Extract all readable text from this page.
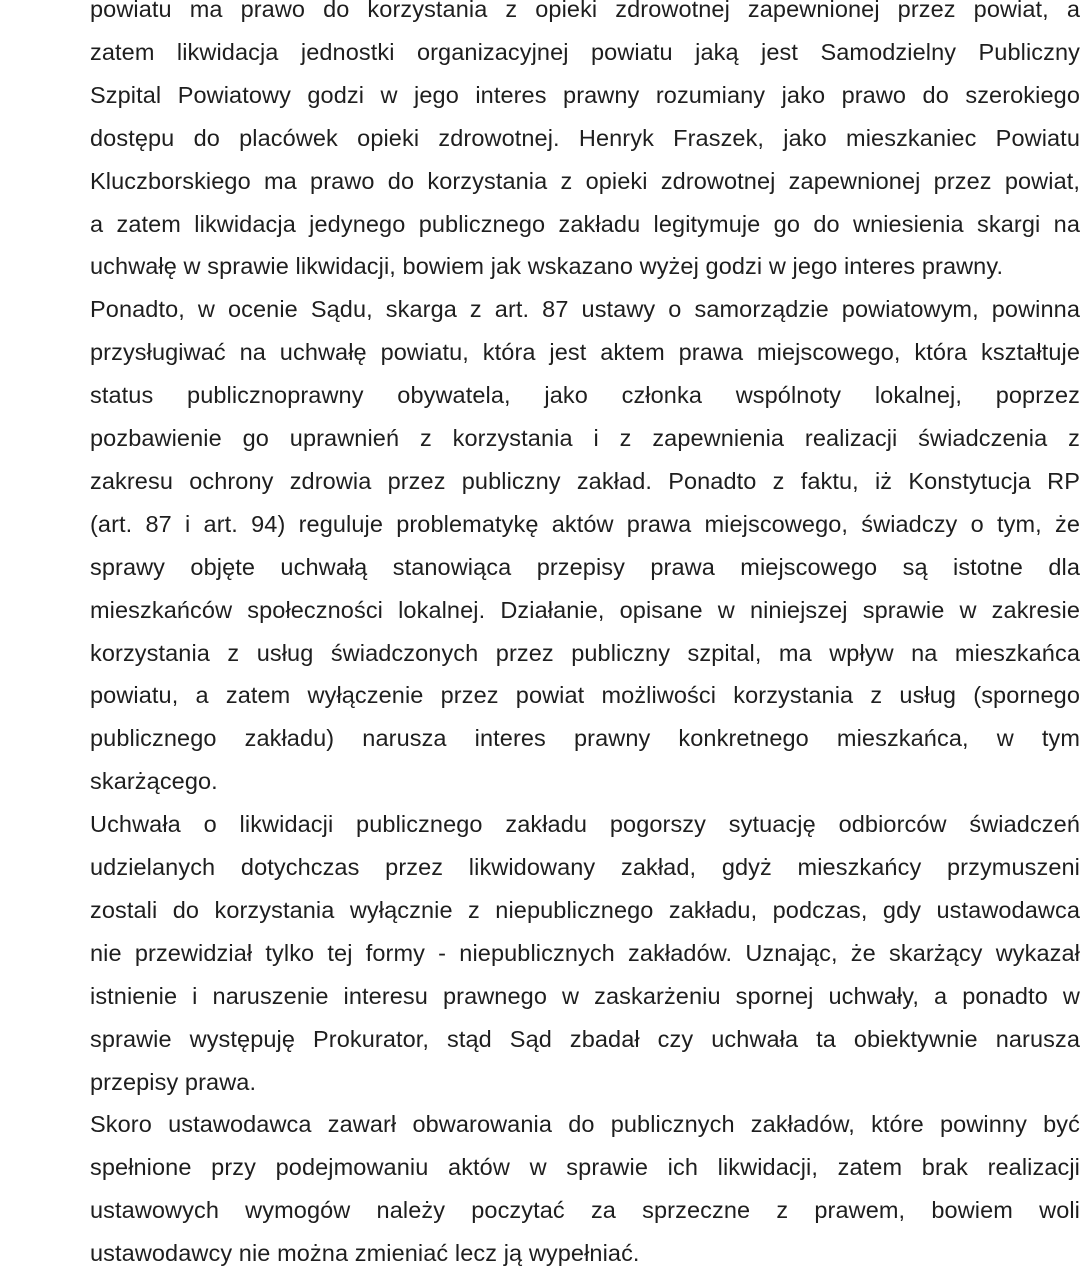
powiatu ma prawo do korzystania z opieki zdrowotnej zapewnionej przez powiat, a
zatem likwidacja jednostki organizacyjnej powiatu jaką jest Samodzielny Publiczny
Szpital Powiatowy godzi w jego interes prawny rozumiany jako prawo do szerokiego
dostępu do placówek opieki zdrowotnej. Henryk Fraszek, jako mieszkaniec Powiatu
Kluczborskiego ma prawo do korzystania z opieki zdrowotnej zapewnionej przez powiat,
a zatem likwidacja jedynego publicznego zakładu legitymuje go do wniesienia skargi na
uchwałę w sprawie likwidacji, bowiem jak wskazano wyżej godzi w jego interes prawny.
Ponadto, w ocenie Sądu, skarga z art. 87 ustawy o samorządzie powiatowym, powinna
przysługiwać na uchwałę powiatu, która jest aktem prawa miejscowego, która kształtuje
status publicznoprawny obywatela, jako członka wspólnoty lokalnej, poprzez
pozbawienie go uprawnień z korzystania i z zapewnienia realizacji świadczenia z
zakresu ochrony zdrowia przez publiczny zakład. Ponadto z faktu, iż Konstytucja RP
(art. 87 i art. 94) reguluje problematykę aktów prawa miejscowego, świadczy o tym, że
sprawy objęte uchwałą stanowiąca przepisy prawa miejscowego są istotne dla
mieszkańców społeczności lokalnej. Działanie, opisane w niniejszej sprawie w zakresie
korzystania z usług świadczonych przez publiczny szpital, ma wpływ na mieszkańca
powiatu, a zatem wyłączenie przez powiat możliwości korzystania z usług (spornego
publicznego zakładu) narusza interes prawny konkretnego mieszkańca, w tym
skarżącego.
Uchwała o likwidacji publicznego zakładu pogorszy sytuację odbiorców świadczeń
udzielanych dotychczas przez likwidowany zakład, gdyż mieszkańcy przymuszeni
zostali do korzystania wyłącznie z niepublicznego zakładu, podczas, gdy ustawodawca
nie przewidział tylko tej formy - niepublicznych zakładów. Uznając, że skarżący wykazał
istnienie i naruszenie interesu prawnego w zaskarżeniu spornej uchwały, a ponadto w
sprawie występuję Prokurator, stąd Sąd zbadał czy uchwała ta obiektywnie narusza
przepisy prawa.
Skoro ustawodawca zawarł obwarowania do publicznych zakładów, które powinny być
spełnione przy podejmowaniu aktów w sprawie ich likwidacji, zatem brak realizacji
ustawowych wymogów należy poczytać za sprzeczne z prawem, bowiem woli
ustawodawcy nie można zmieniać lecz ją wypełniać.
